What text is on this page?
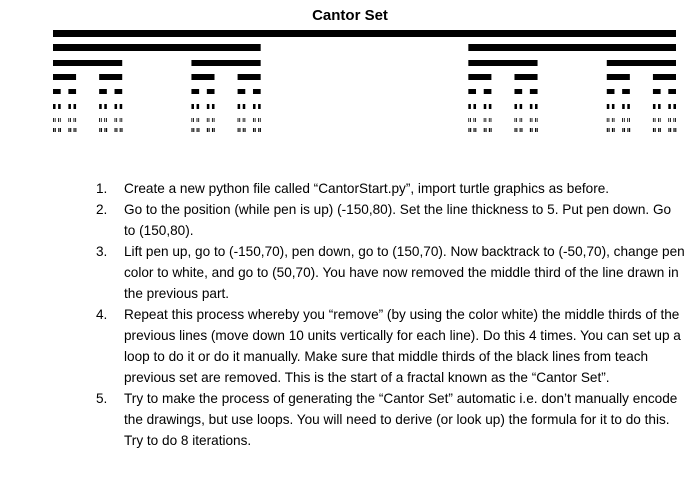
Cantor Set
1. Create a new python file called “CantorStart.py”, import turtle graphics as before.
2. Go to the position (while pen is up) (-150,80). Set the line thickness to 5. Put pen down. Go to (150,80).
3. Lift pen up, go to (-150,70), pen down, go to (150,70). Now backtrack to (-50,70), change pen color to white, and go to (50,70). You have now removed the middle third of the line drawn in the previous part.
4. Repeat this process whereby you “remove” (by using the color white) the middle thirds of the previous lines (move down 10 units vertically for each line). Do this 4 times. You can set up a loop to do it or do it manually. Make sure that middle thirds of the black lines from teach previous set are removed. This is the start of a fractal known as the “Cantor Set”.
5. Try to make the process of generating the “Cantor Set” automatic i.e. don’t manually encode the drawings, but use loops. You will need to derive (or look up) the formula for it to do this. Try to do 8 iterations.
